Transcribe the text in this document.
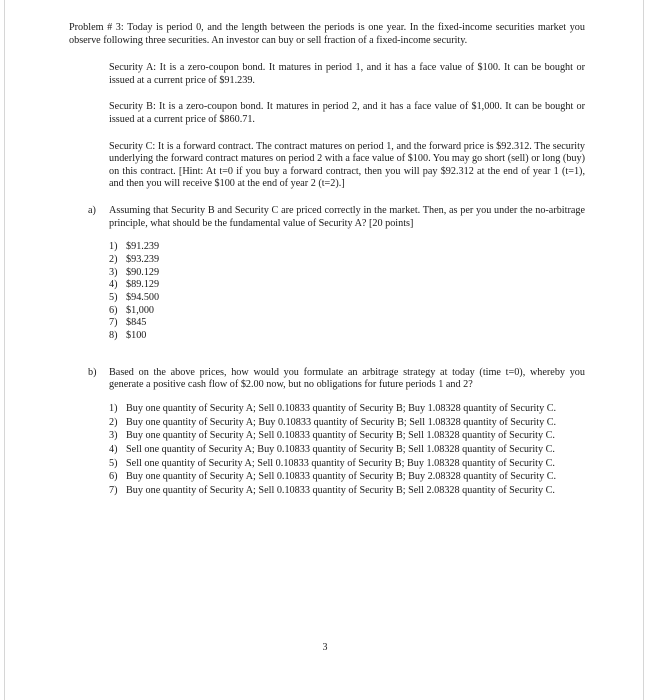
Problem # 3: Today is period 0, and the length between the periods is one year. In the fixed-income securities market you observe following three securities. An investor can buy or sell fraction of a fixed-income security.

Security A: It is a zero-coupon bond. It matures in period 1, and it has a face value of $100. It can be bought or issued at a current price of $91.239.

Security B: It is a zero-coupon bond. It matures in period 2, and it has a face value of $1,000. It can be bought or issued at a current price of $860.71.

Security C: It is a forward contract. The contract matures on period 1, and the forward price is $92.312. The security underlying the forward contract matures on period 2 with a face value of $100. You may go short (sell) or long (buy) on this contract. [Hint: At t=0 if you buy a forward contract, then you will pay $92.312 at the end of year 1 (t=1), and then you will receive $100 at the end of year 2 (t=2).]

a) Assuming that Security B and Security C are priced correctly in the market. Then, as per you under the no-arbitrage principle, what should be the fundamental value of Security A? [20 points]

1) $91.239
2) $93.239
3) $90.129
4) $89.129
5) $94.500
6) $1,000
7) $845
8) $100
b) Based on the above prices, how would you formulate an arbitrage strategy at today (time t=0), whereby you generate a positive cash flow of $2.00 now, but no obligations for future periods 1 and 2?

1) Buy one quantity of Security A; Sell 0.10833 quantity of Security B; Buy 1.08328 quantity of Security C.
2) Buy one quantity of Security A; Buy 0.10833 quantity of Security B; Sell 1.08328 quantity of Security C.
3) Buy one quantity of Security A; Sell 0.10833 quantity of Security B; Sell 1.08328 quantity of Security C.
4) Sell one quantity of Security A; Buy 0.10833 quantity of Security B; Sell 1.08328 quantity of Security C.
5) Sell one quantity of Security A; Sell 0.10833 quantity of Security B; Buy 1.08328 quantity of Security C.
6) Buy one quantity of Security A; Sell 0.10833 quantity of Security B; Buy 2.08328 quantity of Security C.
7) Buy one quantity of Security A; Sell 0.10833 quantity of Security B; Sell 2.08328 quantity of Security C.
3
